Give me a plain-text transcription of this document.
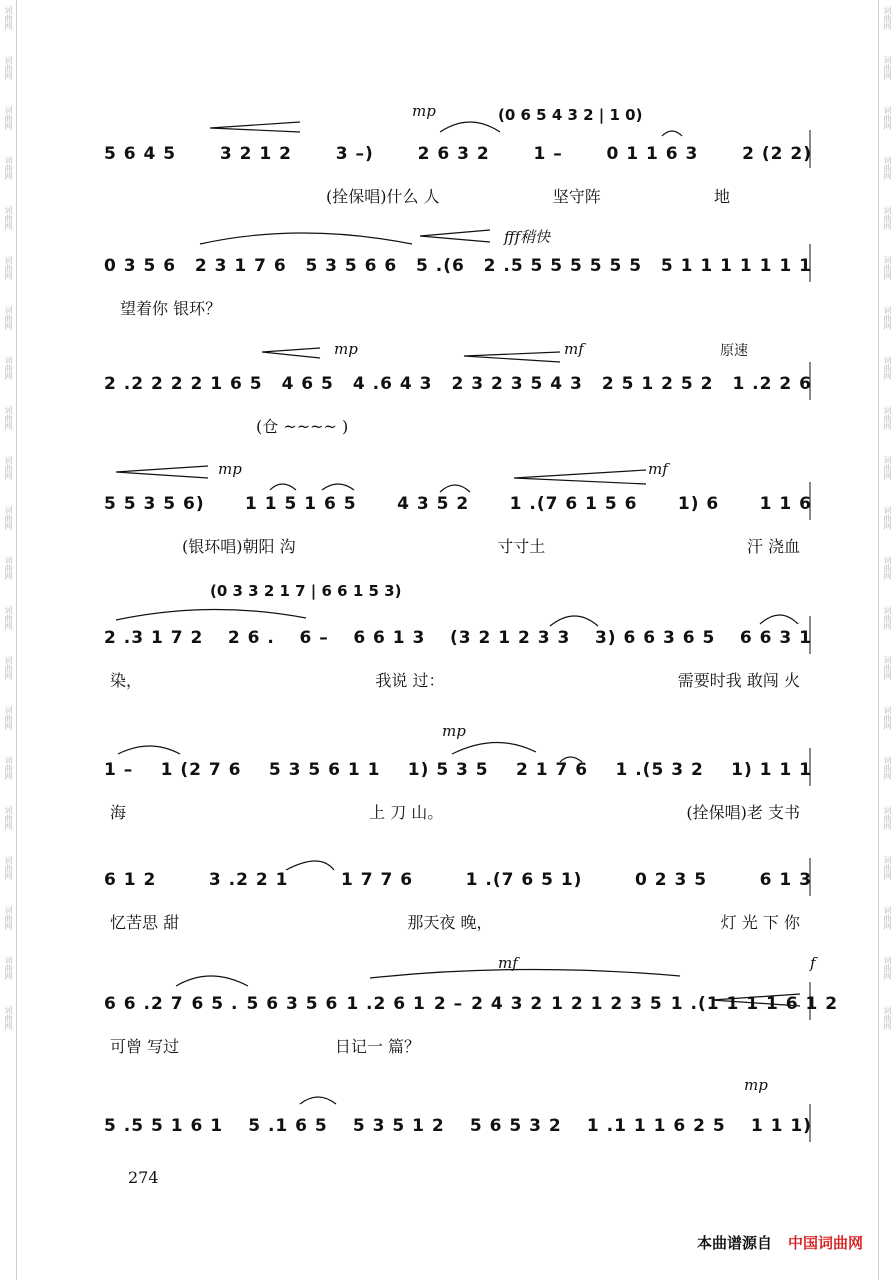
词曲网
词曲网
词曲网
词曲网
词曲网
词曲网
词曲网
词曲网
词曲网
词曲网
词曲网
词曲网
词曲网
词曲网
词曲网
词曲网
词曲网
词曲网
词曲网
词曲网
词曲网
词曲网
词曲网
词曲网
词曲网
词曲网
词曲网
词曲网
词曲网
词曲网
词曲网
词曲网
词曲网
词曲网
词曲网
词曲网
词曲网
词曲网
词曲网
词曲网
词曲网
词曲网
mp	(0 6 5 4 3 2 | 1 0)
5 6 4 5	3 2 1 2	3 –)	2 6 3 2	1 –	0 1 1 6 3	2 (2 2)
(拴保唱)什么 人	坚守阵	地
fff稍快
0 3 5 6 2 3 1 7 6 5 3 5 6 6 5 .(6 2 .5 5 5 5 5 5 5 5 1 1 1 1 1 1 1
望着你 银环？
mp	mf	原速
2 .2 2 2 2 1 6 5 4 6 5 4 .6 4 3 2 3 2 3 5 4 3 2 5 1 2 5 2 1 .2 2 6
(仓 ~~~~ )
mp	mf
5 5 3 5 6) 1 1 5 1 6 5 4 3 5 2 1 .(7 6 1 5 6 1) 6 1 1 6
(银环唱)朝阳 沟	寸寸土	汗 浇血
(0 3 3 2 1 7 | 6 6 1 5 3)
2 .3 1 7 2 2 6 . 6 – 6 6 1 3 (3 2 1 2 3 3 3) 6 6 3 6 5 6 6 3 1
染，	我说 过：	需要时我 敢闯 火
mp
1 – 1 (2 7 6 5 3 5 6 1 1 1) 5 3 5 2 1 7 6 1 .(5 3 2 1) 1 1 1
海	上 刀 山。	(拴保唱)老 支书
6 1 2	3 .2 2 1	1 7 7 6	1 .(7 6 5 1)	0 2 3 5	6 1 3
忆苦思 甜	那天夜 晚，	灯 光 下 你
mf	f
6 6 .2 7 6 5 . 5 6 3 5 6 1 .2 6 1 2 – 2 4 3 2 1 2 1 2 3 5 1 .(1 1 1 1 6 1 2
可曾 写过	日记一 篇？
mp
5 .5 5 1 6 1 5 .1 6 5 5 3 5 1 2 5 6 5 3 2 1 .1 1 1 6 2 5 1 1 1)
274
本曲谱源自 中国词曲网
